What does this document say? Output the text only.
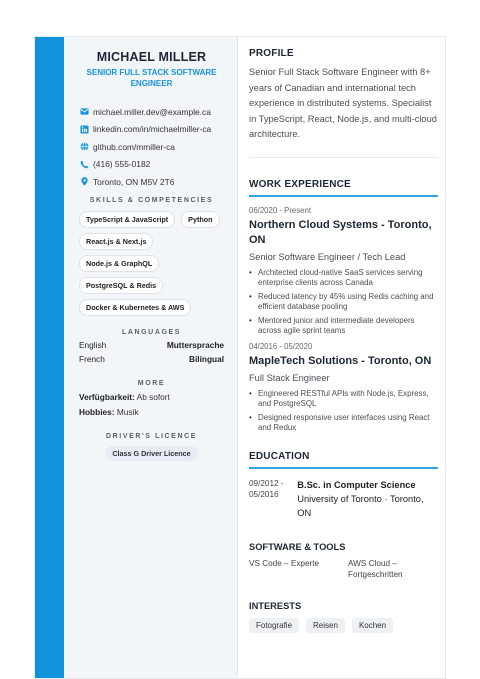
MICHAEL MILLER
SENIOR FULL STACK SOFTWARE ENGINEER
michael.miller.dev@example.ca
linkedin.com/in/michaelmiller-ca
github.com/mmiller-ca
(416) 555-0182
Toronto, ON M5V 2T6
SKILLS & COMPETENCIES
TypeScript & JavaScript	Python
React.js & Next.js
Node.js & GraphQL
PostgreSQL & Redis
Docker & Kubernetes & AWS
LANGUAGES
English	Muttersprache
French	Bilingual
MORE
Verfügbarkeit: Ab sofort
Hobbies: Musik
DRIVER'S LICENCE
Class G Driver Licence
PROFILE
Senior Full Stack Software Engineer with 8+ years of Canadian and international tech experience in distributed systems. Specialist in TypeScript, React, Node.js, and multi-cloud architecture.
WORK EXPERIENCE
06/2020 - Present
Northern Cloud Systems - Toronto, ON
Senior Software Engineer / Tech Lead
• Architected cloud-native SaaS services serving enterprise clients across Canada
• Reduced latency by 45% using Redis caching and efficient database pooling
• Mentored junior and intermediate developers across agile sprint teams
04/2016 - 05/2020
MapleTech Solutions - Toronto, ON
Full Stack Engineer
• Engineered RESTful APIs with Node.js, Express, and PostgreSQL
• Designed responsive user interfaces using React and Redux
EDUCATION
09/2012 - 05/2016
B.Sc. in Computer Science
University of Toronto · Toronto, ON
SOFTWARE & TOOLS
VS Code – Experte	AWS Cloud – Fortgeschritten
INTERESTS
Fotografie	Reisen	Kochen
